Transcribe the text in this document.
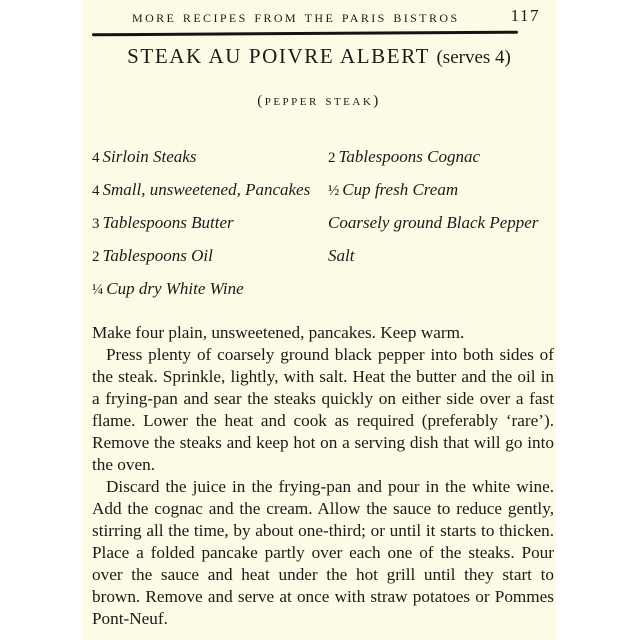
more recipes from the paris bistros	117
STEAK AU POIVRE ALBERT (serves 4)
(pepper steak)
4 Sirloin Steaks
4 Small, unsweetened, Pancakes
3 Tablespoons Butter
2 Tablespoons Oil
¼ Cup dry White Wine
2 Tablespoons Cognac
½ Cup fresh Cream
Coarsely ground Black Pepper
Salt

Make four plain, unsweetened, pancakes. Keep warm.

Press plenty of coarsely ground black pepper into both sides of the steak. Sprinkle, lightly, with salt. Heat the butter and the oil in a frying-pan and sear the steaks quickly on either side over a fast flame. Lower the heat and cook as required (preferably ‘rare’). Remove the steaks and keep hot on a serving dish that will go into the oven.

Discard the juice in the frying-pan and pour in the white wine. Add the cognac and the cream. Allow the sauce to reduce gently, stirring all the time, by about one-third; or until it starts to thicken. Place a folded pancake partly over each one of the steaks. Pour over the sauce and heat under the hot grill until they start to brown. Remove and serve at once with straw potatoes or Pommes Pont-Neuf.
